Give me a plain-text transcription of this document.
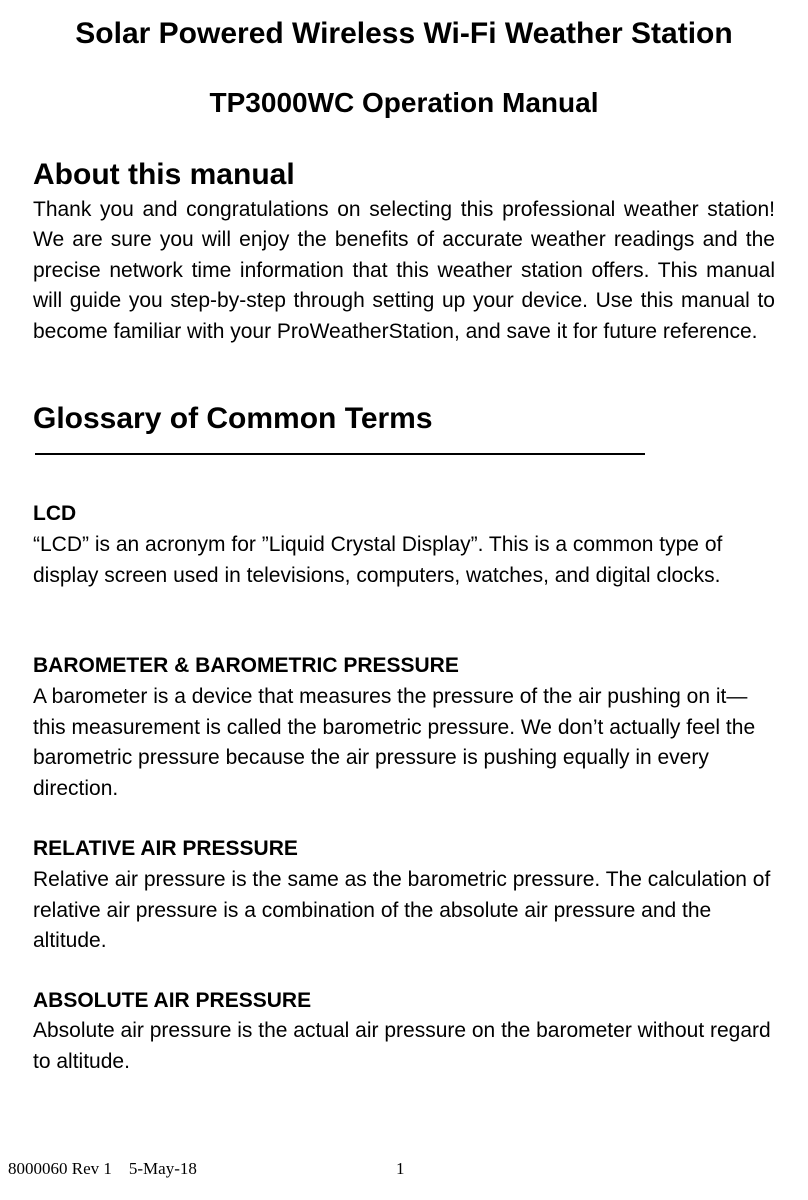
Solar Powered Wireless Wi-Fi Weather Station
TP3000WC Operation Manual
About this manual

Thank you and congratulations on selecting this professional weather station! We are sure you will enjoy the benefits of accurate weather readings and the precise network time information that this weather station offers. This manual will guide you step-by-step through setting up your device. Use this manual to become familiar with your ProWeatherStation, and save it for future reference.

Glossary of Common Terms

LCD

“LCD” is an acronym for ”Liquid Crystal Display”. This is a common type of display screen used in televisions, computers, watches, and digital clocks.

BAROMETER & BAROMETRIC PRESSURE

A barometer is a device that measures the pressure of the air pushing on it—this measurement is called the barometric pressure. We don’t actually feel the barometric pressure because the air pressure is pushing equally in every direction.

RELATIVE AIR PRESSURE

Relative air pressure is the same as the barometric pressure. The calculation of relative air pressure is a combination of the absolute air pressure and the altitude.

ABSOLUTE AIR PRESSURE

Absolute air pressure is the actual air pressure on the barometer without regard to altitude.

8000060 Rev 1    5-May-18	1
